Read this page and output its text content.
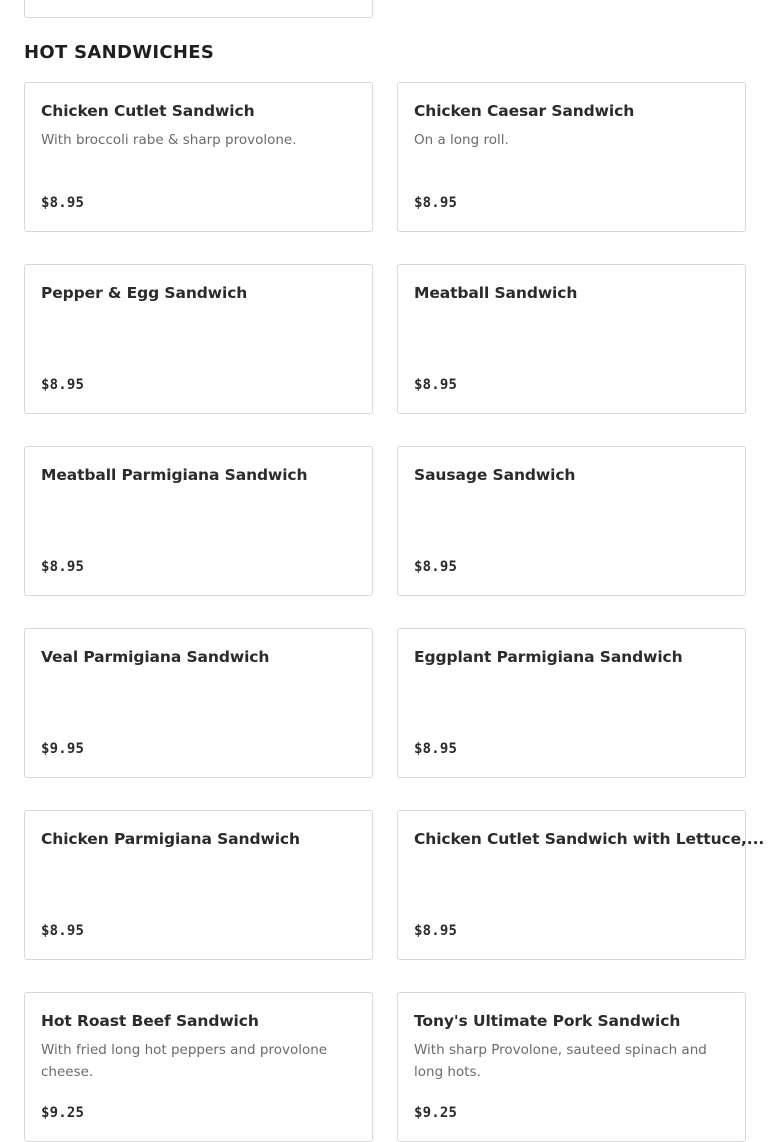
HOT SANDWICHES
Chicken Cutlet Sandwich
With broccoli rabe & sharp provolone.
$8.95
Chicken Caesar Sandwich
On a long roll.
$8.95
Pepper & Egg Sandwich
$8.95
Meatball Sandwich
$8.95
Meatball Parmigiana Sandwich
$8.95
Sausage Sandwich
$8.95
Veal Parmigiana Sandwich
$9.95
Eggplant Parmigiana Sandwich
$8.95
Chicken Parmigiana Sandwich
$8.95
Chicken Cutlet Sandwich with Lettuce,...
$8.95
Hot Roast Beef Sandwich
With fried long hot peppers and provolone cheese.
$9.25
Tony's Ultimate Pork Sandwich
With sharp Provolone, sauteed spinach and long hots.
$9.25
